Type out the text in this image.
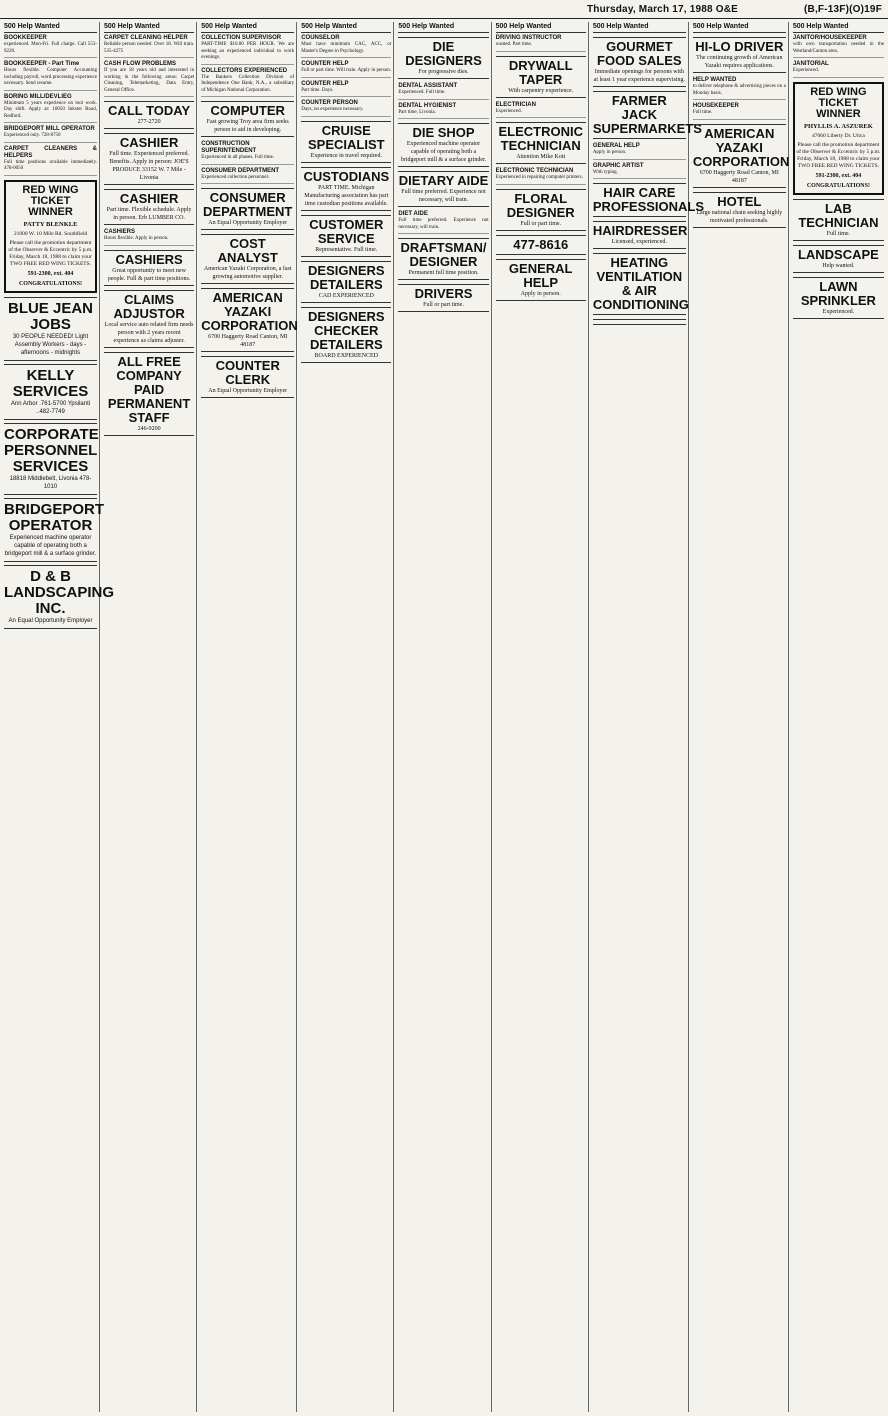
Thursday, March 17, 1988 O&E	(B,F-13F)(O)19F
500 Help Wanted
BOOKKEEPER
experienced. Mon-Fri. Full charge. Call 553-9220.
BOOKKEEPER - Part Time
Hours flexible. Computer Accounting including payroll, word processing experience necessary. Send resume.
BORING MILL/DEVLIEG
Minimum 5 years experience on tool work. Day shift. Apply at: 10050 Inkster Road, Redford.
BRIDGEPORT MILL OPERATOR
Experienced only. 728-8750
CARPET CLEANERS & HELPERS
Full time positions available immediately. 478-0050
RED WING TICKET WINNER
PATTY BLENKLE
21000 W. 10 Mile Rd. Southfield
Please call the promotion department of the Observer & Eccentric by 5 p.m. Friday, March 18, 1988 to claim your TWO FREE RED WING TICKETS.
591-2300, ext. 404
CONGRATULATIONS!
BLUE JEAN JOBS
30 PEOPLE NEEDED! Light Assembly Workers - days - afternoons - midnights
KELLY SERVICES
Ann Arbor .761-5700 Ypsilanti ..482-7749
CORPORATE PERSONNEL SERVICES
18818 Middlebelt, Livonia 478-1010
BRIDGEPORT OPERATOR
Experienced machine operator capable of operating both a bridgeport mill & a surface grinder.
D & B LANDSCAPING INC.
An Equal Opportunity Employer
500 Help Wanted
CARPET CLEANING HELPER
Reliable person needed. Over 18. Will train. 535-4275
CASH FLOW PROBLEMS
If you are 18 years old and interested in working in the following areas: Carpet Cleaning, Telemarketing, Data Entry, General Office.
CALL TODAY
277-2720
CASHIER
Full time. Experienced preferred. Benefits. Apply in person: JOE'S PRODUCE 33152 W. 7 Mile - Livonia
CASHIER
Part time. Flexible schedule. Apply in person. Erb LUMBER CO.
CASHIERS
Hours flexible. Apply in person.
CASHIERS
Great opportunity to meet new people. Full & part time positions.
CLAIMS ADJUSTOR
Local service auto related firm needs person with 2 years recent experience as claims adjuster.
ALL FREE COMPANY PAID PERMANENT STAFF
246-9200
500 Help Wanted
COLLECTION SUPERVISOR
PART-TIME $10.00 PER HOUR. We are seeking an experienced individual to work evenings.
COLLECTORS EXPERIENCED
The Bankers Collection Division of Independence One Bank, N.A., a subsidiary of Michigan National Corporation.
COMPUTER
Fast growing Troy area firm seeks person to aid in developing.
CONSTRUCTION SUPERINTENDENT
Experienced in all phases. Full time.
CONSUMER DEPARTMENT
Experienced collection personnel.
CONSUMER DEPARTMENT
An Equal Opportunity Employer
COST ANALYST
American Yazaki Corporation, a fast growing automotive supplier.
AMERICAN YAZAKI CORPORATION
6700 Haggerty Road Canton, MI 48187
COUNTER CLERK
An Equal Opportunity Employer
500 Help Wanted
COUNSELOR
Must have minimum CAC, ACC, or Master's Degree in Psychology.
COUNTER HELP
Full or part time. Will train. Apply in person.
COUNTER HELP
Part time. Days.
COUNTER PERSON
Days, no experience necessary.
CRUISE SPECIALIST
Experience in travel required.
CUSTODIANS
PART TIME. Michigan Manufacturing association has part time custodian positions available.
CUSTOMER SERVICE
Representative. Full time.
DESIGNERS DETAILERS
CAD EXPERIENCED
DESIGNERS CHECKER DETAILERS
BOARD EXPERIENCED
500 Help Wanted
DIE DESIGNERS
For progressive dies.
DENTAL ASSISTANT
Experienced. Full time.
DENTAL HYGIENIST
Part time, Livonia.
DIE SHOP
Experienced machine operator capable of operating both a bridgeport mill & a surface grinder.
DIETARY AIDE
Full time preferred. Experience not necessary, will train.
DIET AIDE
Full time preferred. Experience not necessary, will train.
DRAFTSMAN/ DESIGNER
Permanent full time position.
DRIVERS
Full or part time.
500 Help Wanted
DRIVING INSTRUCTOR
wanted. Part time.
DRYWALL TAPER
With carpentry experience.
ELECTRICIAN
Experienced.
ELECTRONIC TECHNICIAN
Attention Mike Kott
ELECTRONIC TECHNICIAN
Experienced in repairing computer printers.
FLORAL DESIGNER
Full or part time.
477-8616
GENERAL HELP
Apply in person.
500 Help Wanted
GOURMET FOOD SALES
Immediate openings for persons with at least 1 year experience supervising.
FARMER JACK SUPERMARKETS
GENERAL HELP
Apply in person.
GRAPHIC ARTIST
With typing.
HAIR CARE PROFESSIONALS
HAIRDRESSER
Licensed, experienced.
HEATING VENTILATION & AIR CONDITIONING
500 Help Wanted
HI-LO DRIVER
The continuing growth of American Yazaki requires applications.
HELP WANTED
to deliver telephone & advertising pieces on a Monday basis.
HOUSEKEEPER
Full time.
AMERICAN YAZAKI CORPORATION
6700 Haggerty Road Canton, MI 48187
HOTEL
Large national chain seeking highly motivated professionals.
500 Help Wanted
JANITOR/HOUSEKEEPER
with own transportation needed in the Westland/Canton area.
JANITORIAL
Experienced.
RED WING TICKET WINNER
PHYLLIS A. ASZUREK
47060 Liberty Dr. Utica
Please call the promotion department of the Observer & Eccentric by 5 p.m. Friday, March 18, 1988 to claim your TWO FREE RED WING TICKETS.
591-2300, ext. 404
CONGRATULATIONS!
LAB TECHNICIAN
Full time.
LANDSCAPE
Help wanted.
LAWN SPRINKLER
Experienced.
